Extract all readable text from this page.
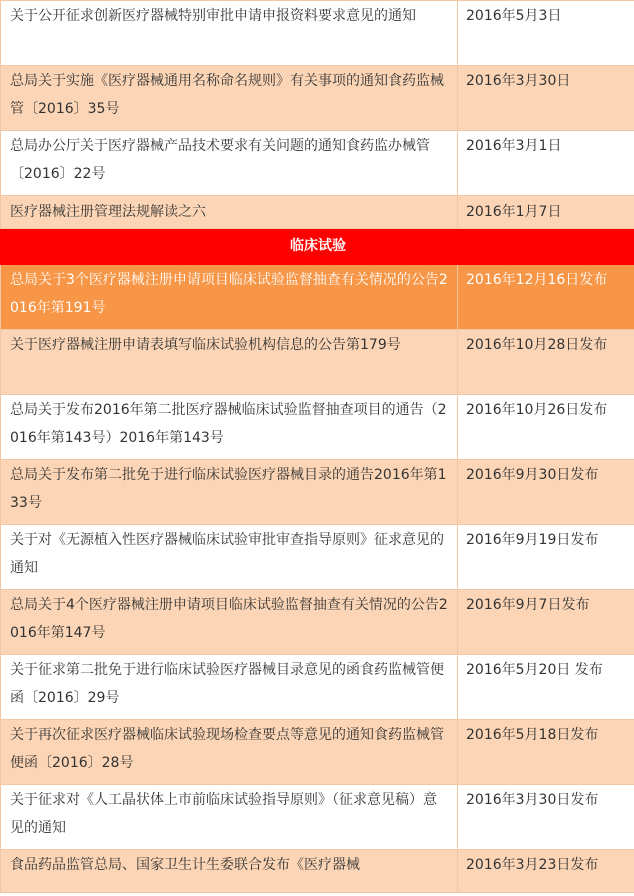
关于公开征求创新医疗器械特别审批申请申报资料要求意见的通知	2016年5月3日
总局关于实施《医疗器械通用名称命名规则》有关事项的通知食药监械管〔2016〕35号	2016年3月30日
总局办公厅关于医疗器械产品技术要求有关问题的通知食药监办械管〔2016〕22号	2016年3月1日
医疗器械注册管理法规解读之六	2016年1月7日
临床试验	
总局关于3个医疗器械注册申请项目临床试验监督抽查有关情况的公告2016年第191号	2016年12月16日发布
关于医疗器械注册申请表填写临床试验机构信息的公告第179号	2016年10月28日发布
总局关于发布2016年第二批医疗器械临床试验监督抽查项目的通告（2016年第143号）2016年第143号	2016年10月26日发布
总局关于发布第二批免于进行临床试验医疗器械目录的通告2016年第133号	2016年9月30日发布
关于对《无源植入性医疗器械临床试验审批审查指导原则》征求意见的通知	2016年9月19日发布
总局关于4个医疗器械注册申请项目临床试验监督抽查有关情况的公告2016年第147号	2016年9月7日发布
关于征求第二批免于进行临床试验医疗器械目录意见的函食药监械管便函〔2016〕29号	2016年5月20日 发布
关于再次征求医疗器械临床试验现场检查要点等意见的通知食药监械管便函〔2016〕28号	2016年5月18日发布
关于征求对《人工晶状体上市前临床试验指导原则》（征求意见稿）意见的通知	2016年3月30日发布
食品药品监管总局、国家卫生计生委联合发布《医疗器械	2016年3月23日发布
